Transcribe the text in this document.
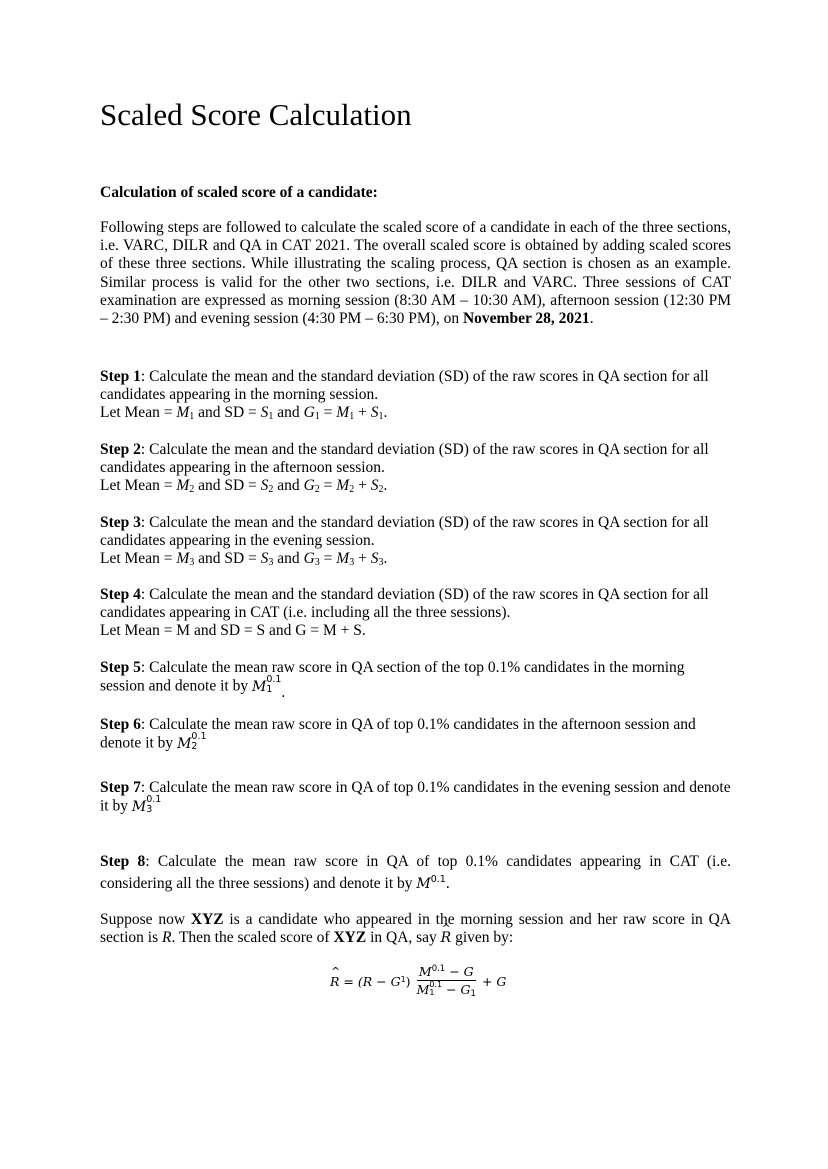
Scaled Score Calculation
Calculation of scaled score of a candidate:

Following steps are followed to calculate the scaled score of a candidate in each of the three sections, i.e. VARC, DILR and QA in CAT 2021. The overall scaled score is obtained by adding scaled scores of these three sections. While illustrating the scaling process, QA section is chosen as an example. Similar process is valid for the other two sections, i.e. DILR and VARC. Three sessions of CAT examination are expressed as morning session (8:30 AM – 10:30 AM), afternoon session (12:30 PM – 2:30 PM) and evening session (4:30 PM – 6:30 PM), on November 28, 2021.

Step 1: Calculate the mean and the standard deviation (SD) of the raw scores in QA section for all candidates appearing in the morning session.

Let Mean = $M_1$ and SD = $S_1$ and $G_1 = M_1 + S_1$.

Step 2: Calculate the mean and the standard deviation (SD) of the raw scores in QA section for all candidates appearing in the afternoon session.

Let Mean = $M_2$ and SD = $S_2$ and $G_2 = M_2 + S_2$.

Step 3: Calculate the mean and the standard deviation (SD) of the raw scores in QA section for all candidates appearing in the evening session.

Let Mean = $M_3$ and SD = $S_3$ and $G_3 = M_3 + S_3$.

Step 4: Calculate the mean and the standard deviation (SD) of the raw scores in QA section for all candidates appearing in CAT (i.e. including all the three sessions).

Let Mean = M and SD = S and G = M + S.

Step 5: Calculate the mean raw score in QA section of the top 0.1% candidates in the morning session and denote it by M 0.1
1 .

Step 6: Calculate the mean raw score in QA of top 0.1% candidates in the afternoon session and denote it by M 0.1
2

Step 7: Calculate the mean raw score in QA of top 0.1% candidates in the evening session and denote it by M 0.1
3

Step 8: Calculate the mean raw score in QA of top 0.1% candidates appearing in CAT (i.e. considering all the three sessions) and denote it by $M^{0.1}$.

Suppose now XYZ is a candidate who appeared in the morning session and her raw score in QA section is R. Then the scaled score of XYZ in QA, say ^ R given by:

^ R = (R − G 1 ) $M^{0.1} - G$
M 0.1
1 − G1 + G
